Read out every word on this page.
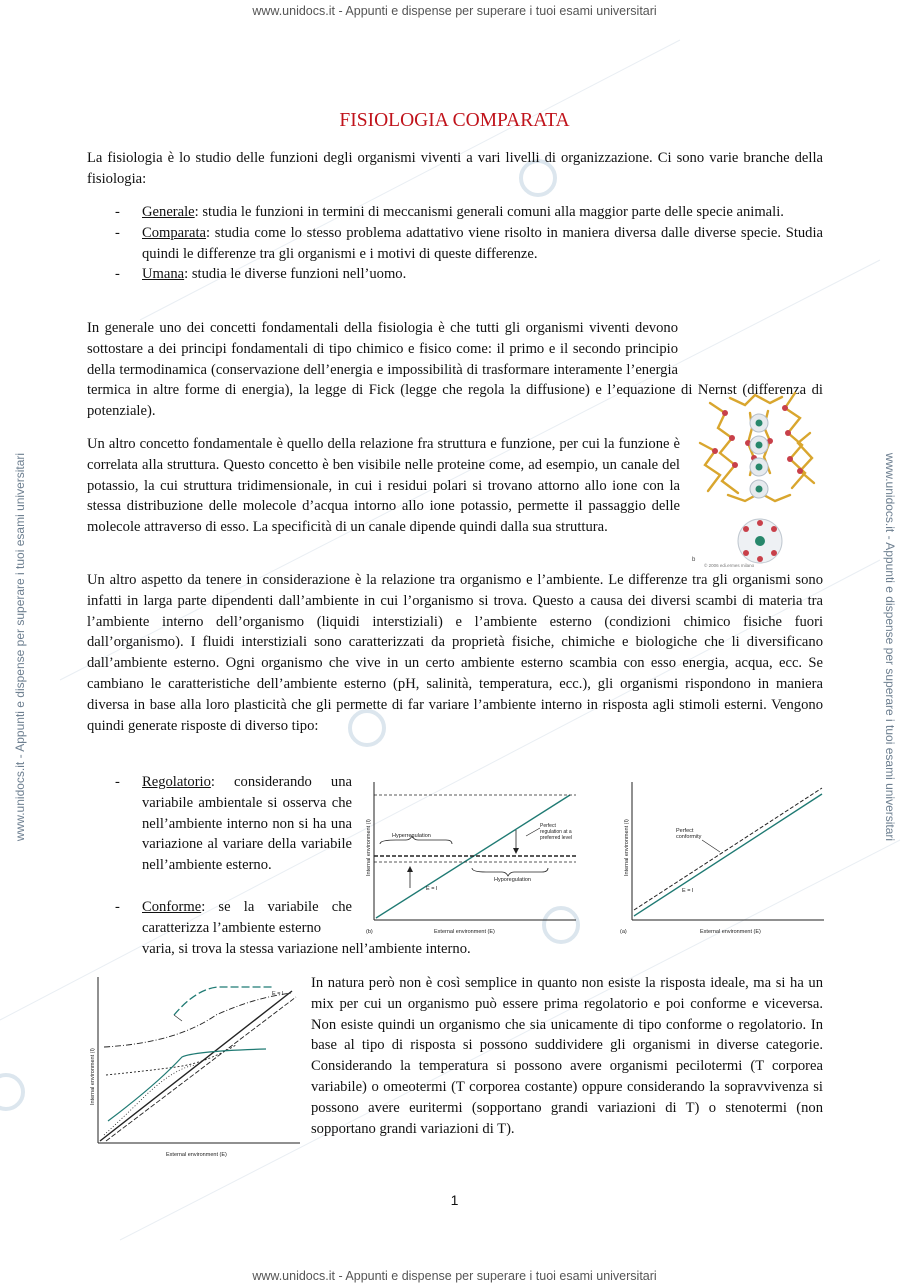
www.unidocs.it - Appunti e dispense per superare i tuoi esami universitari
www.unidocs.it - Appunti e dispense per superare i tuoi esami universitari
www.unidocs.it - Appunti e dispense per superare i tuoi esami universitari	www.unidocs.it - Appunti e dispense per superare i tuoi esami universitari
FISIOLOGIA COMPARATA

La fisiologia è lo studio delle funzioni degli organismi viventi a vari livelli di organizzazione. Ci sono varie branche della fisiologia:

- Generale: studia le funzioni in termini di meccanismi generali comuni alla maggior parte delle specie animali.
- Comparata: studia come lo stesso problema adattativo viene risolto in maniera diversa dalle diverse specie. Studia quindi le differenze tra gli organismi e i motivi di queste differenze.
- Umana: studia le diverse funzioni nell’uomo.
In generale uno dei concetti fondamentali della fisiologia è che tutti gli organismi viventi devono sottostare a dei principi fondamentali di tipo chimico e fisico come: il primo e il secondo principio della termodinamica (conservazione dell’energia e impossibilità di trasformare interamente l’energia termica in altre forme di energia), la legge di Fick (legge che regola la diffusione) e l’equazione di Nernst (differenza di potenziale).

Un altro concetto fondamentale è quello della relazione fra struttura e funzione, per cui la funzione è correlata alla struttura. Questo concetto è ben visibile nelle proteine come, ad esempio, un canale del potassio, la cui struttura tridimensionale, in cui i residui polari si trovano attorno allo ione con la stessa distribuzione delle molecole d’acqua intorno allo ione potassio, permette il passaggio delle molecole attraverso di esso. La specificità di un canale dipende quindi dalla sua struttura.

b
© 2006 edi.ermes milano

Un altro aspetto da tenere in considerazione è la relazione tra organismo e l’ambiente. Le differenze tra gli organismi sono infatti in larga parte dipendenti dall’ambiente in cui l’organismo si trova. Questo a causa dei diversi scambi di materia tra l’ambiente interno dell’organismo (liquidi interstiziali) e l’ambiente esterno (condizioni chimico fisiche fuori dall’organismo). I fluidi interstiziali sono caratterizzati da proprietà fisiche, chimiche e biologiche che li diversificano dall’ambiente esterno. Ogni organismo che vive in un certo ambiente esterno scambia con esso energia, acqua, ecc. Se cambiano le caratteristiche dell’ambiente esterno (pH, salinità, temperatura, ecc.), gli organismi rispondono in maniera diversa in base alla loro plasticità che gli permette di far variare l’ambiente interno in risposta agli stimoli esterni. Vengono quindi generate risposte di diverso tipo:

-	Regolatorio: considerando una variabile ambientale si osserva che nell’ambiente interno non si ha una variazione al variare della variabile nell’ambiente esterno.
-	Conforme: se la variabile che caratterizza l’ambiente esterno
varia, si trova la stessa variazione nell’ambiente interno.
Hyperregulation
Hyporegulation
Perfect regulation at a preferred level
E = I
External environment (E)
(b)
Internal environment (I)	Perfect conformity
E = I
External environment (E)
(a)
Internal environment (I)
E = I
External environment (E)
Internal environment (I)

In natura però non è così semplice in quanto non esiste la risposta ideale, ma si ha un mix per cui un organismo può essere prima regolatorio e poi conforme e viceversa. Non esiste quindi un organismo che sia unicamente di tipo conforme o regolatorio. In base al tipo di risposta si possono suddividere gli organismi in diverse categorie. Considerando la temperatura si possono avere organismi pecilotermi (T corporea variabile) o omeotermi (T corporea costante) oppure considerando la sopravvivenza si possono avere euritermi (sopportano grandi variazioni di T) o stenotermi (non sopportano grandi variazioni di T).

1
